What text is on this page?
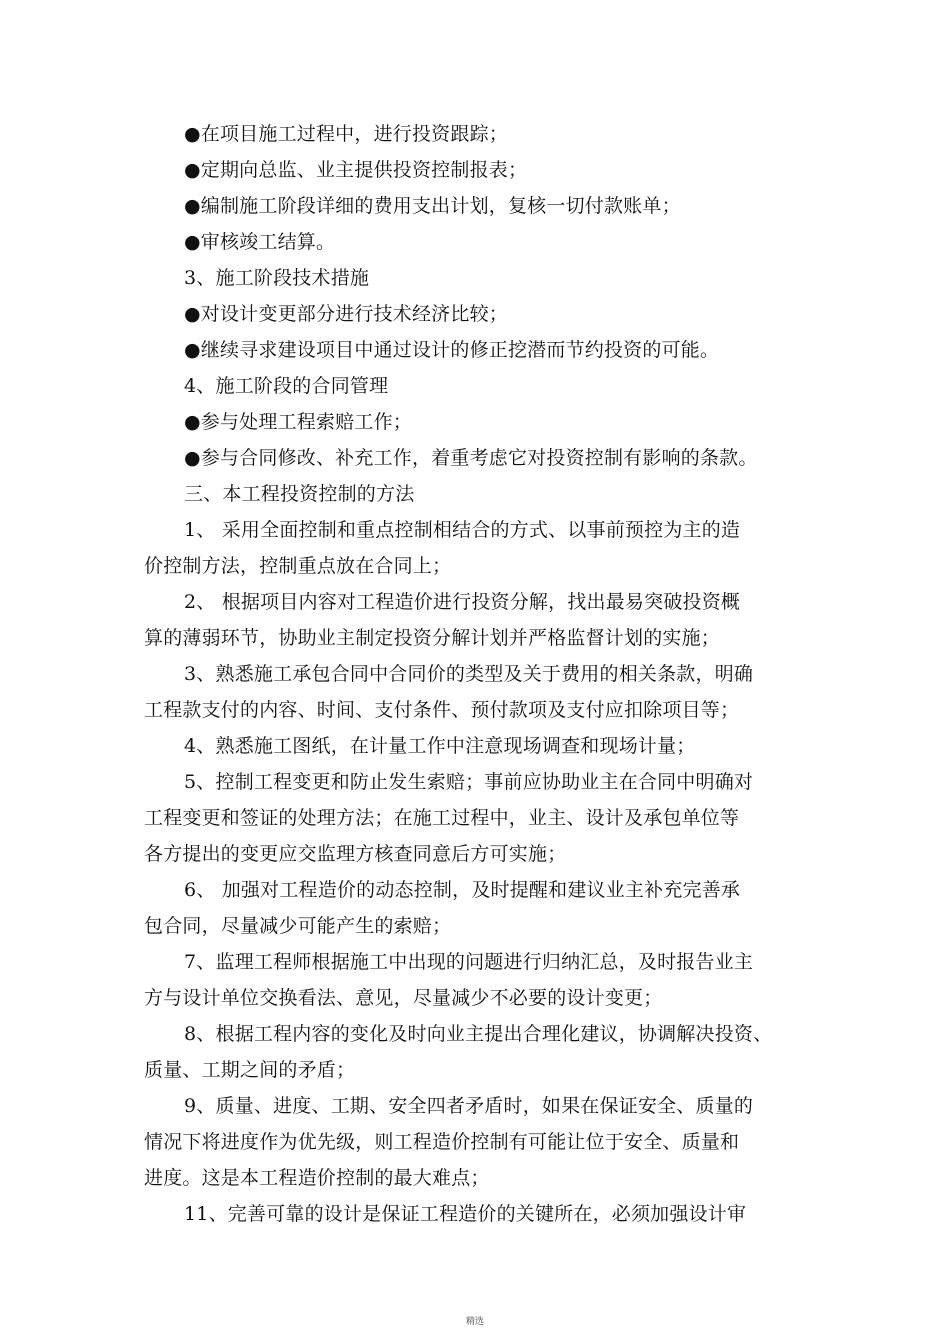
●在项目施工过程中，进行投资跟踪；

●定期向总监、业主提供投资控制报表；

●编制施工阶段详细的费用支出计划，复核一切付款账单；

●审核竣工结算。

3、施工阶段技术措施

●对设计变更部分进行技术经济比较；

●继续寻求建设项目中通过设计的修正挖潜而节约投资的可能。

4、施工阶段的合同管理

●参与处理工程索赔工作；

●参与合同修改、补充工作，着重考虑它对投资控制有影响的条款。

三、本工程投资控制的方法

1、 采用全面控制和重点控制相结合的方式、以事前预控为主的造

价控制方法，控制重点放在合同上；

2、 根据项目内容对工程造价进行投资分解，找出最易突破投资概

算的薄弱环节，协助业主制定投资分解计划并严格监督计划的实施；

3、熟悉施工承包合同中合同价的类型及关于费用的相关条款，明确

工程款支付的内容、时间、支付条件、预付款项及支付应扣除项目等；

4、熟悉施工图纸，在计量工作中注意现场调查和现场计量；

5、控制工程变更和防止发生索赔；事前应协助业主在合同中明确对

工程变更和签证的处理方法；在施工过程中，业主、设计及承包单位等

各方提出的变更应交监理方核查同意后方可实施；

6、 加强对工程造价的动态控制，及时提醒和建议业主补充完善承

包合同，尽量减少可能产生的索赔；

7、监理工程师根据施工中出现的问题进行归纳汇总，及时报告业主

方与设计单位交换看法、意见，尽量减少不必要的设计变更；

8、根据工程内容的变化及时向业主提出合理化建议，协调解决投资、

质量、工期之间的矛盾；

9、质量、进度、工期、安全四者矛盾时，如果在保证安全、质量的

情况下将进度作为优先级，则工程造价控制有可能让位于安全、质量和

进度。这是本工程造价控制的最大难点；

11、完善可靠的设计是保证工程造价的关键所在，必须加强设计审

精选
